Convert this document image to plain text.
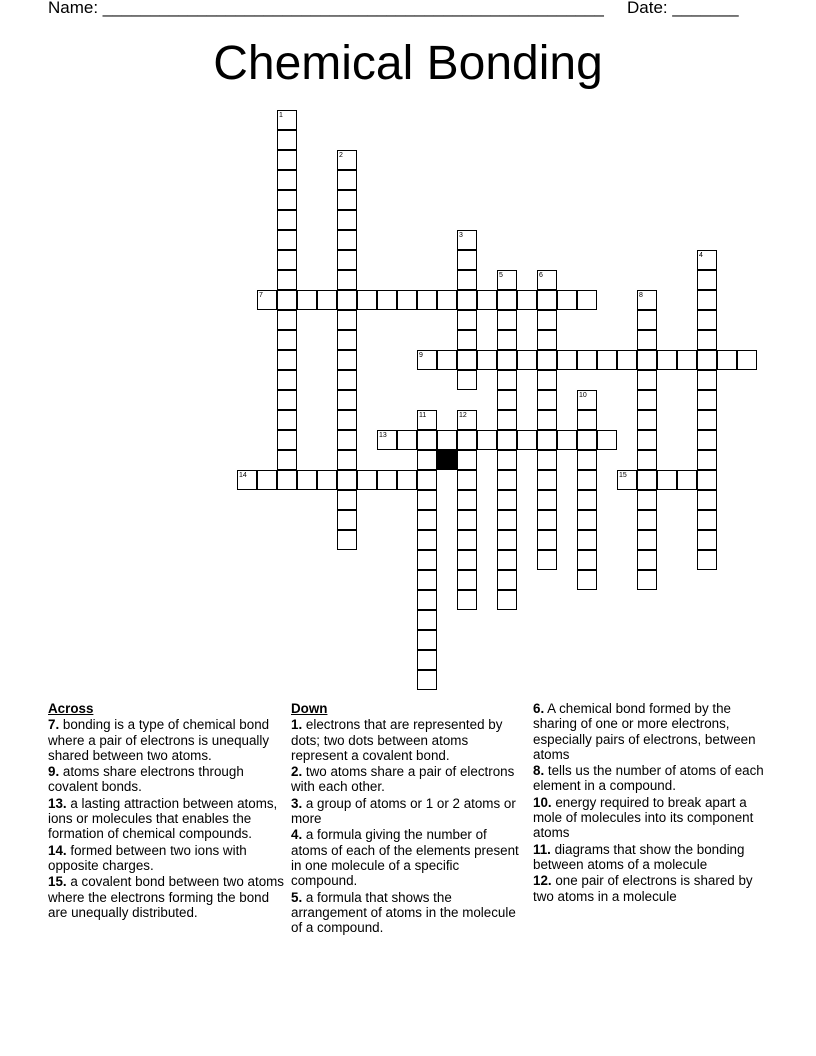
Name: _____________________________________________________ Date: _______
Chemical Bonding
7
9
13
14	15
1
2
3
5	6
4
8
10
11	12
Across
7. bonding is a type of chemical bond where a pair of electrons is unequally shared between two atoms.
9. atoms share electrons through covalent bonds.
13. a lasting attraction between atoms, ions or molecules that enables the formation of chemical compounds.
14. formed between two ions with opposite charges.
15. a covalent bond between two atoms where the electrons forming the bond are unequally distributed.
Down
1. electrons that are represented by dots; two dots between atoms represent a covalent bond.
2. two atoms share a pair of electrons with each other.
3. a group of atoms or 1 or 2 atoms or more
4. a formula giving the number of atoms of each of the elements present in one molecule of a specific compound.
5. a formula that shows the arrangement of atoms in the molecule of a compound.
6. A chemical bond formed by the sharing of one or more electrons, especially pairs of electrons, between atoms
8. tells us the number of atoms of each element in a compound.
10. energy required to break apart a mole of molecules into its component atoms
11. diagrams that show the bonding between atoms of a molecule
12. one pair of electrons is shared by two atoms in a molecule
